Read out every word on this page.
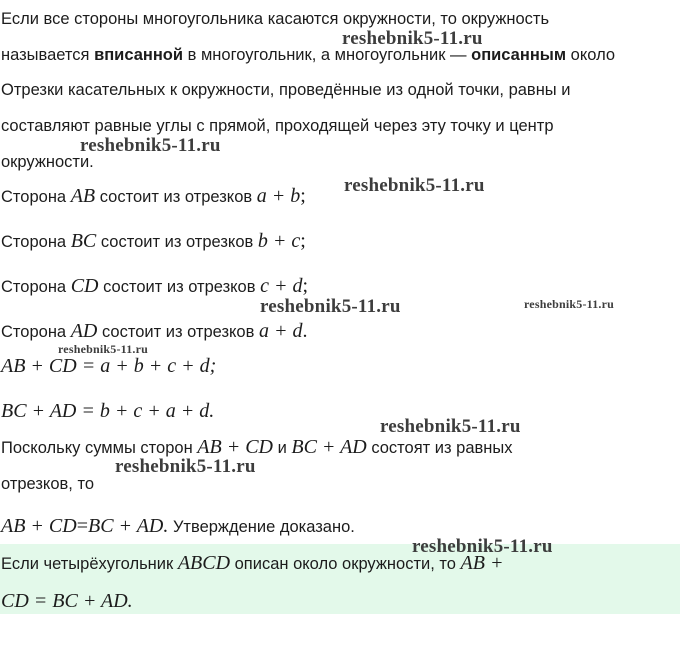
Если все стороны многоугольника касаются окружности, то окружность
называется вписанной в многоугольник, а многоугольник — описанным около
Отрезки касательных к окружности, проведённые из одной точки, равны и
составляют равные углы с прямой, проходящей через эту точку и центр
окружности.
Сторона AB состоит из отрезков a + b;
Сторона BC состоит из отрезков b + c;
Сторона CD состоит из отрезков c + d;
Сторона AD состоит из отрезков a + d.
AB + CD = a + b + c + d;
BC + AD = b + c + a + d.
Поскольку суммы сторон AB + CD и BC + AD состоят из равных
отрезков, то
AB + CD=BC + AD. Утверждение доказано.
Если четырёхугольник ABCD описан около окружности, то AB +
CD = BC + AD.
reshebnik5-11.ru
reshebnik5-11.ru
reshebnik5-11.ru
reshebnik5-11.ru	reshebnik5-11.ru
reshebnik5-11.ru
reshebnik5-11.ru
reshebnik5-11.ru
reshebnik5-11.ru
